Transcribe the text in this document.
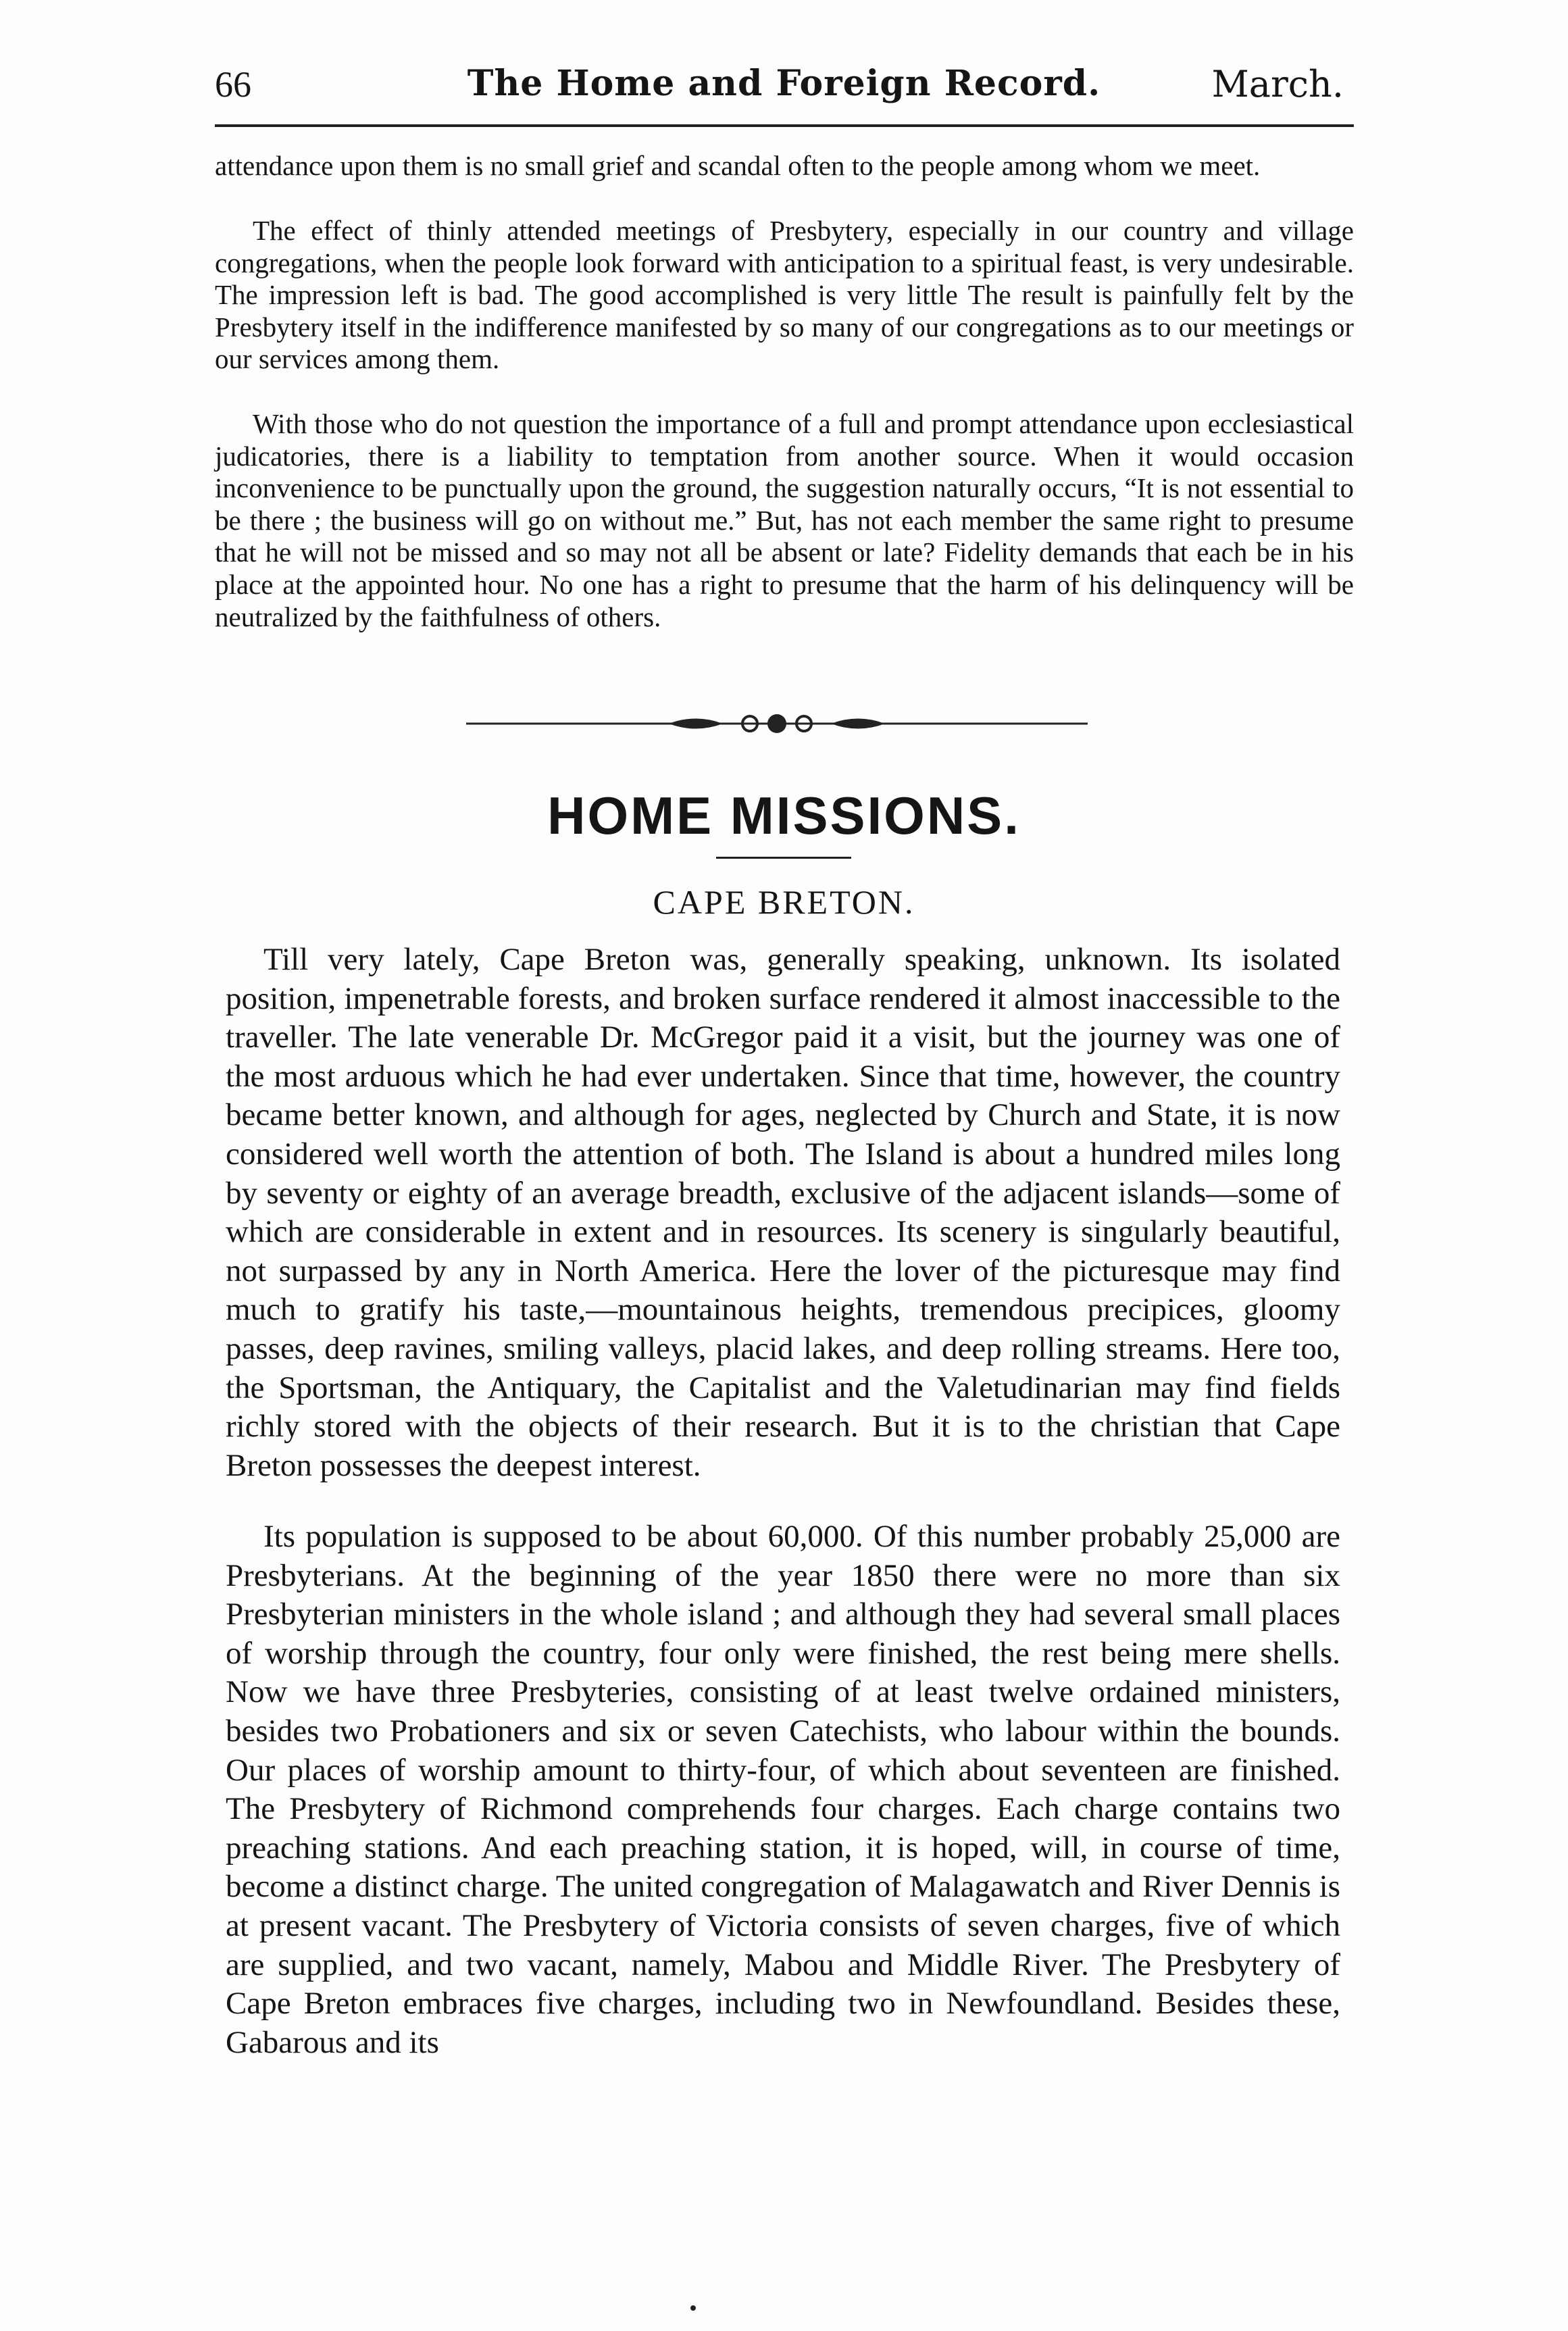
66	The Home and Foreign Record.	March.

attendance upon them is no small grief and scandal often to the people among whom we meet.

The effect of thinly attended meetings of Presbytery, especially in our country and village congregations, when the people look forward with anticipation to a spiritual feast, is very undesirable. The impression left is bad. The good accomplished is very little The result is painfully felt by the Presbytery itself in the indifference manifested by so many of our congregations as to our meetings or our services among them.

With those who do not question the importance of a full and prompt attendance upon ecclesiastical judicatories, there is a liability to temptation from another source. When it would occasion inconvenience to be punctually upon the ground, the suggestion naturally occurs, “It is not essential to be there ; the business will go on without me.” But, has not each member the same right to presume that he will not be missed and so may not all be absent or late? Fidelity demands that each be in his place at the appointed hour. No one has a right to presume that the harm of his delinquency will be neutralized by the faithfulness of others.

HOME MISSIONS.
CAPE BRETON.

Till very lately, Cape Breton was, generally speaking, unknown. Its isolated position, impenetrable forests, and broken surface rendered it almost inaccessible to the traveller. The late venerable Dr. McGregor paid it a visit, but the journey was one of the most arduous which he had ever undertaken. Since that time, however, the country became better known, and although for ages, neglected by Church and State, it is now considered well worth the attention of both. The Island is about a hundred miles long by seventy or eighty of an average breadth, exclusive of the adjacent islands—some of which are considerable in extent and in resources. Its scenery is singularly beautiful, not surpassed by any in North America. Here the lover of the picturesque may find much to gratify his taste,—mountainous heights, tremendous precipices, gloomy passes, deep ravines, smiling valleys, placid lakes, and deep rolling streams. Here too, the Sportsman, the Antiquary, the Capitalist and the Valetudinarian may find fields richly stored with the objects of their research. But it is to the christian that Cape Breton possesses the deepest interest.

Its population is supposed to be about 60,000. Of this number probably 25,000 are Presbyterians. At the beginning of the year 1850 there were no more than six Presbyterian ministers in the whole island ; and although they had several small places of worship through the country, four only were finished, the rest being mere shells. Now we have three Presbyteries, consisting of at least twelve ordained ministers, besides two Probationers and six or seven Catechists, who labour within the bounds. Our places of worship amount to thirty-four, of which about seventeen are finished. The Presbytery of Richmond comprehends four charges. Each charge contains two preaching stations. And each preaching station, it is hoped, will, in course of time, become a distinct charge. The united congregation of Malagawatch and River Dennis is at present vacant. The Presbytery of Victoria consists of seven charges, five of which are supplied, and two vacant, namely, Mabou and Middle River. The Presbytery of Cape Breton embraces five charges, including two in Newfoundland. Besides these, Gabarous and its
